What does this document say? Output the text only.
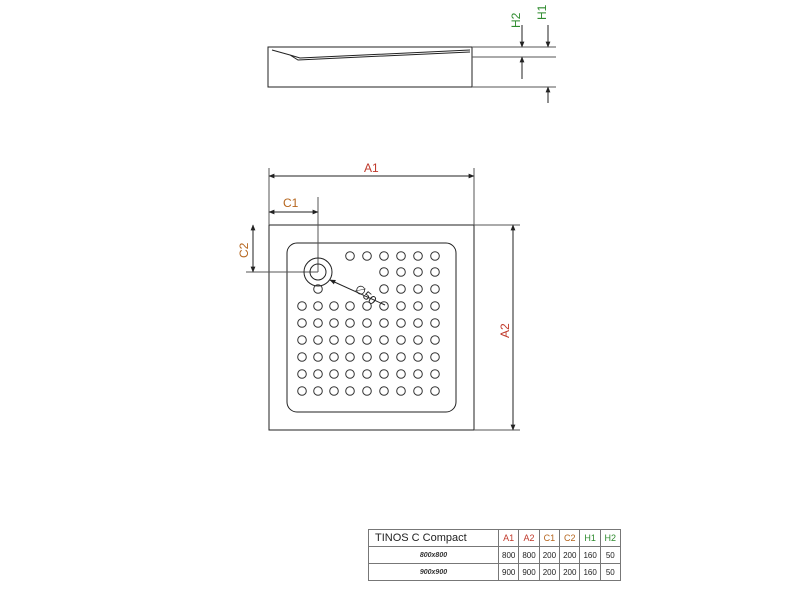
H2
H1
A1
A2
C1
C2
∅50
TINOS C Compact	A1	A2	C1	C2	H1	H2
800x800	800	800	200	200	160	50
900x900	900	900	200	200	160	50
